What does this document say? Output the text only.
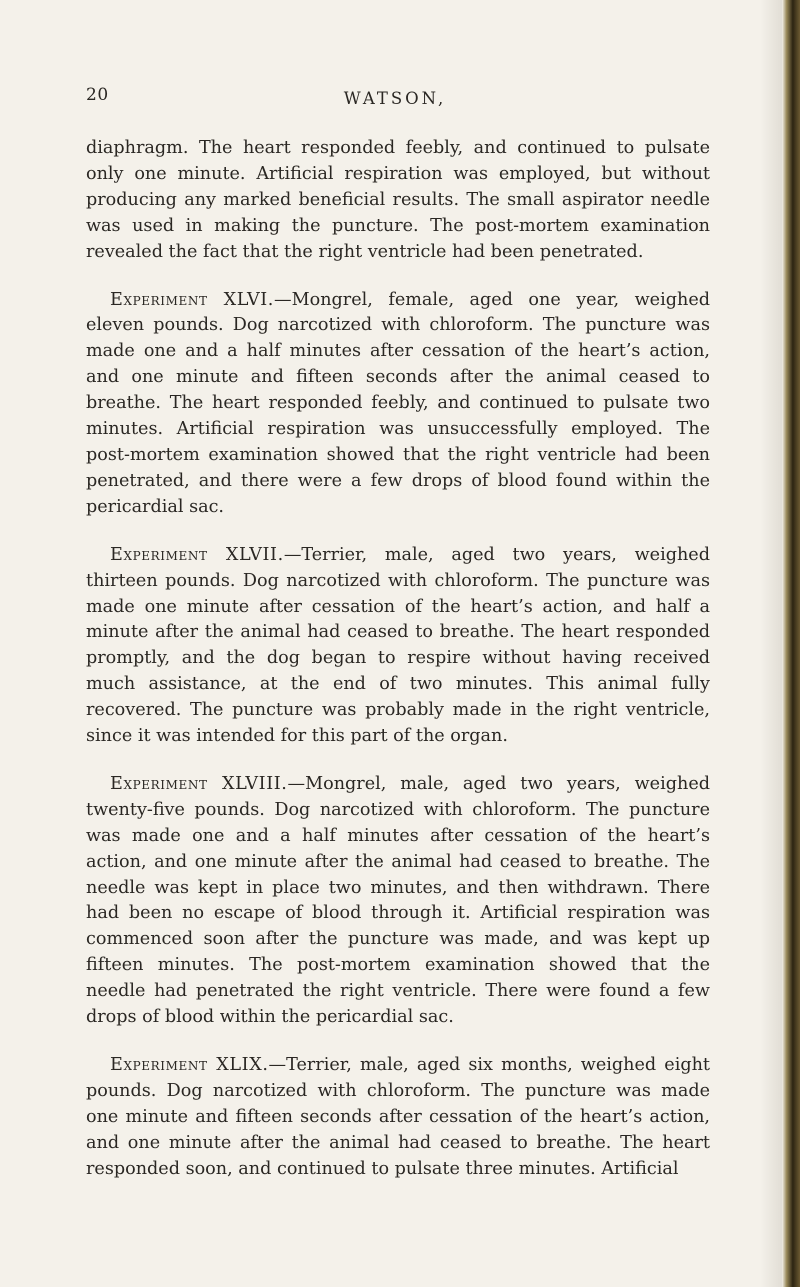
20	WATSON,

diaphragm. The heart responded feebly, and continued to pulsate only one minute. Artificial respiration was employed, but without producing any marked beneficial results. The small aspirator needle was used in making the puncture. The post-mortem examination revealed the fact that the right ventricle had been penetrated.

Experiment XLVI.—Mongrel, female, aged one year, weighed eleven pounds. Dog narcotized with chloroform. The puncture was made one and a half minutes after cessation of the heart’s action, and one minute and fifteen seconds after the animal ceased to breathe. The heart responded feebly, and continued to pulsate two minutes. Artificial respiration was unsuccessfully employed. The post-mortem examination showed that the right ventricle had been penetrated, and there were a few drops of blood found within the pericardial sac.

Experiment XLVII.—Terrier, male, aged two years, weighed thirteen pounds. Dog narcotized with chloroform. The puncture was made one minute after cessation of the heart’s action, and half a minute after the animal had ceased to breathe. The heart responded promptly, and the dog began to respire without having received much assistance, at the end of two minutes. This animal fully recovered. The puncture was probably made in the right ventricle, since it was intended for this part of the organ.

Experiment XLVIII.—Mongrel, male, aged two years, weighed twenty-five pounds. Dog narcotized with chloroform. The puncture was made one and a half minutes after cessation of the heart’s action, and one minute after the animal had ceased to breathe. The needle was kept in place two minutes, and then withdrawn. There had been no escape of blood through it. Artificial respiration was commenced soon after the puncture was made, and was kept up fifteen minutes. The post-mortem examination showed that the needle had penetrated the right ventricle. There were found a few drops of blood within the pericardial sac.

Experiment XLIX.—Terrier, male, aged six months, weighed eight pounds. Dog narcotized with chloroform. The puncture was made one minute and fifteen seconds after cessation of the heart’s action, and one minute after the animal had ceased to breathe. The heart responded soon, and continued to pulsate three minutes. Artificial
